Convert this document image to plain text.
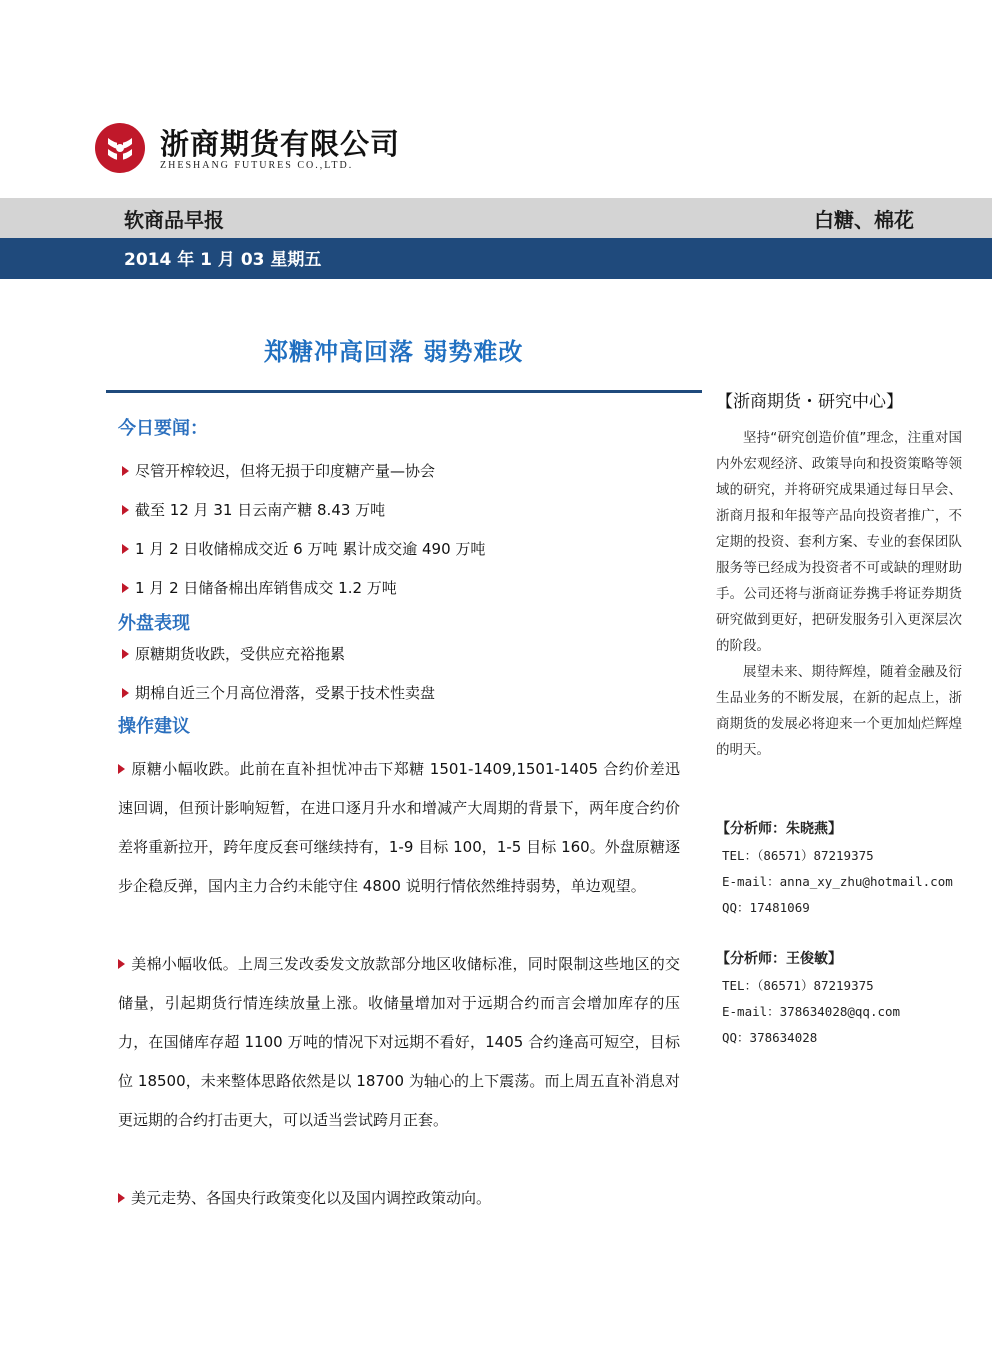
浙商期货有限公司
ZHESHANG FUTURES CO.,LTD.
软商品早报	白糖、棉花
2014 年 1 月 03 星期五
郑糖冲高回落 弱势难改
今日要闻：
尽管开榨较迟，但将无损于印度糖产量—协会
截至 12 月 31 日云南产糖 8.43 万吨
1 月 2 日收储棉成交近 6 万吨 累计成交逾 490 万吨
1 月 2 日储备棉出库销售成交 1.2 万吨
外盘表现
原糖期货收跌，受供应充裕拖累
期棉自近三个月高位滑落，受累于技术性卖盘
操作建议
原糖小幅收跌。此前在直补担忧冲击下郑糖 1501-1409,1501-1405 合约价差迅速回调，但预计影响短暂，在进口逐月升水和增减产大周期的背景下，两年度合约价差将重新拉开，跨年度反套可继续持有，1-9 目标 100，1-5 目标 160。外盘原糖逐步企稳反弹，国内主力合约未能守住 4800 说明行情依然维持弱势，单边观望。
美棉小幅收低。上周三发改委发文放款部分地区收储标准，同时限制这些地区的交储量，引起期货行情连续放量上涨。收储量增加对于远期合约而言会增加库存的压力，在国储库存超 1100 万吨的情况下对远期不看好，1405 合约逢高可短空，目标位 18500，未来整体思路依然是以 18700 为轴心的上下震荡。而上周五直补消息对更远期的合约打击更大，可以适当尝试跨月正套。
美元走势、各国央行政策变化以及国内调控政策动向。
【浙商期货・研究中心】

坚持“研究创造价值”理念，注重对国内外宏观经济、政策导向和投资策略等领域的研究，并将研究成果通过每日早会、浙商月报和年报等产品向投资者推广，不定期的投资、套利方案、专业的套保团队服务等已经成为投资者不可或缺的理财助手。公司还将与浙商证券携手将证券期货研究做到更好，把研发服务引入更深层次的阶段。

展望未来、期待辉煌，随着金融及衍生品业务的不断发展，在新的起点上，浙商期货的发展必将迎来一个更加灿烂辉煌的明天。

【分析师：朱晓燕】
TEL：（86571）87219375
E-mail：anna_xy_zhu@hotmail.com
QQ：17481069
【分析师：王俊敏】
TEL：（86571）87219375
E-mail：378634028@qq.com
QQ：378634028
